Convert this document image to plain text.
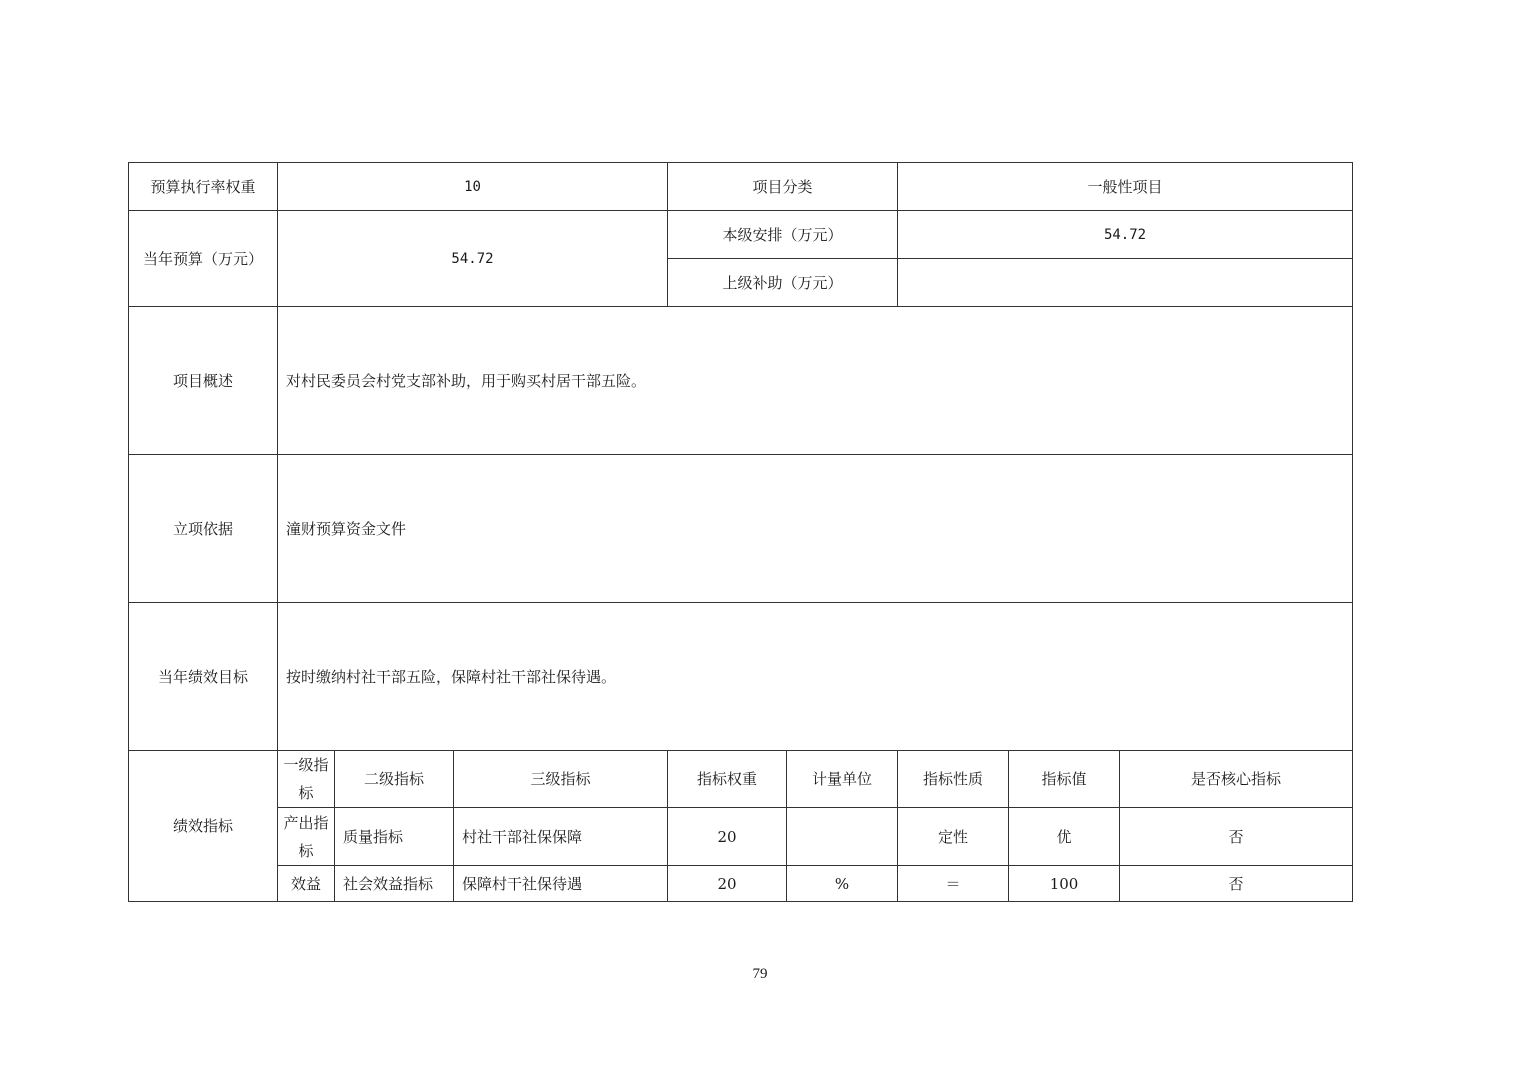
预算执行率权重	10			项目分类		一般性项目		
当年预算（万元）	54.72			本级安排（万元）		54.72		
				上级补助（万元）				
项目概述	对村民委员会村党支部补助，用于购买村居干部五险。							
立项依据	潼财预算资金文件							
当年绩效目标	按时缴纳村社干部五险，保障村社干部社保待遇。							
绩效指标	一级指标	二级指标	三级指标	指标权重	计量单位	指标性质	指标值	是否核心指标
	产出指标	质量指标	村社干部社保保障	20		定性	优	否
	效益	社会效益指标	保障村干社保待遇	20	%	＝	100	否
79
